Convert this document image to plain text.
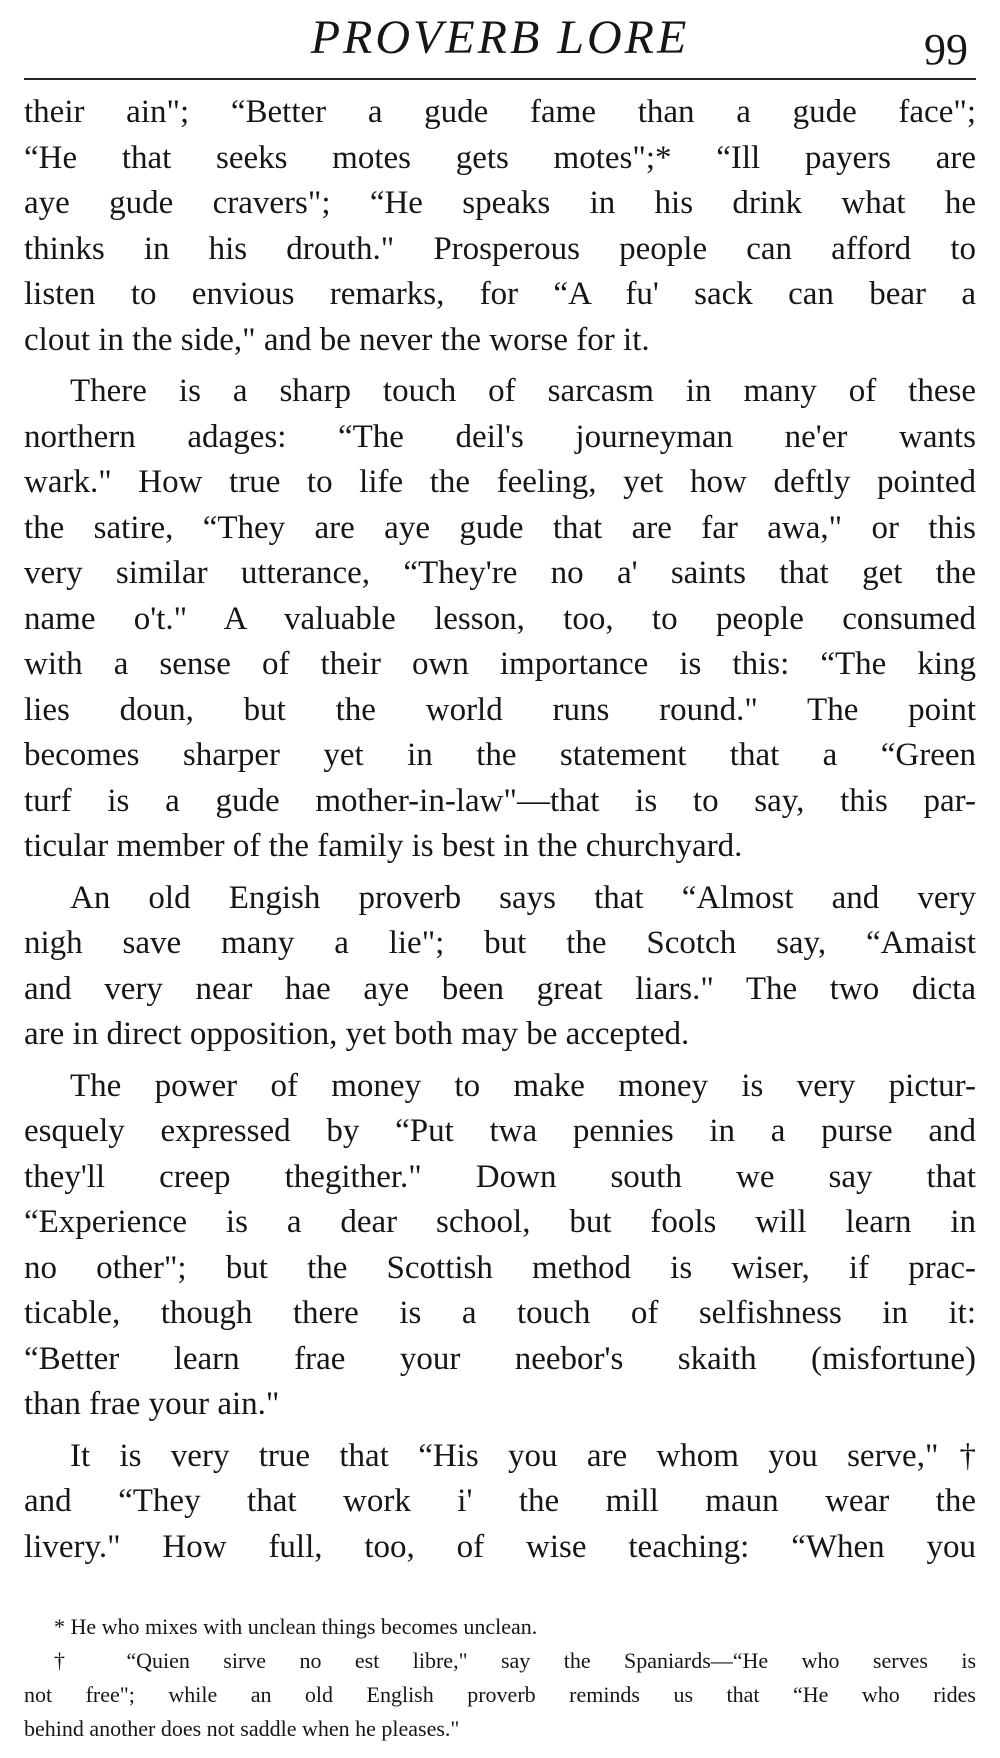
PROVERB LORE	99
their ain"; “Better a gude fame than a gude face";
“He that seeks motes gets motes";* “Ill payers are
aye gude cravers"; “He speaks in his drink what he
thinks in his drouth." Prosperous people can afford to
listen to envious remarks, for “A fu' sack can bear a
clout in the side," and be never the worse for it.
There is a sharp touch of sarcasm in many of these
northern adages: “The deil's journeyman ne'er wants
wark." How true to life the feeling, yet how deftly pointed
the satire, “They are aye gude that are far awa," or this
very similar utterance, “They're no a' saints that get the
name o't." A valuable lesson, too, to people consumed
with a sense of their own importance is this: “The king
lies doun, but the world runs round." The point
becomes sharper yet in the statement that a “Green
turf is a gude mother-in-law"—that is to say, this par-
ticular member of the family is best in the churchyard.
An old Engish proverb says that “Almost and very
nigh save many a lie"; but the Scotch say, “Amaist
and very near hae aye been great liars." The two dicta
are in direct opposition, yet both may be accepted.
The power of money to make money is very pictur-
esquely expressed by “Put twa pennies in a purse and
they'll creep thegither." Down south we say that
“Experience is a dear school, but fools will learn in
no other"; but the Scottish method is wiser, if prac-
ticable, though there is a touch of selfishness in it:
“Better learn frae your neebor's skaith (misfortune)
than frae your ain."
It is very true that “His you are whom you serve,"†
and “They that work i' the mill maun wear the
livery." How full, too, of wise teaching: “When you
* He who mixes with unclean things becomes unclean.
† “Quien sirve no est libre," say the Spaniards—“He who serves is
not free"; while an old English proverb reminds us that “He who rides
behind another does not saddle when he pleases."
